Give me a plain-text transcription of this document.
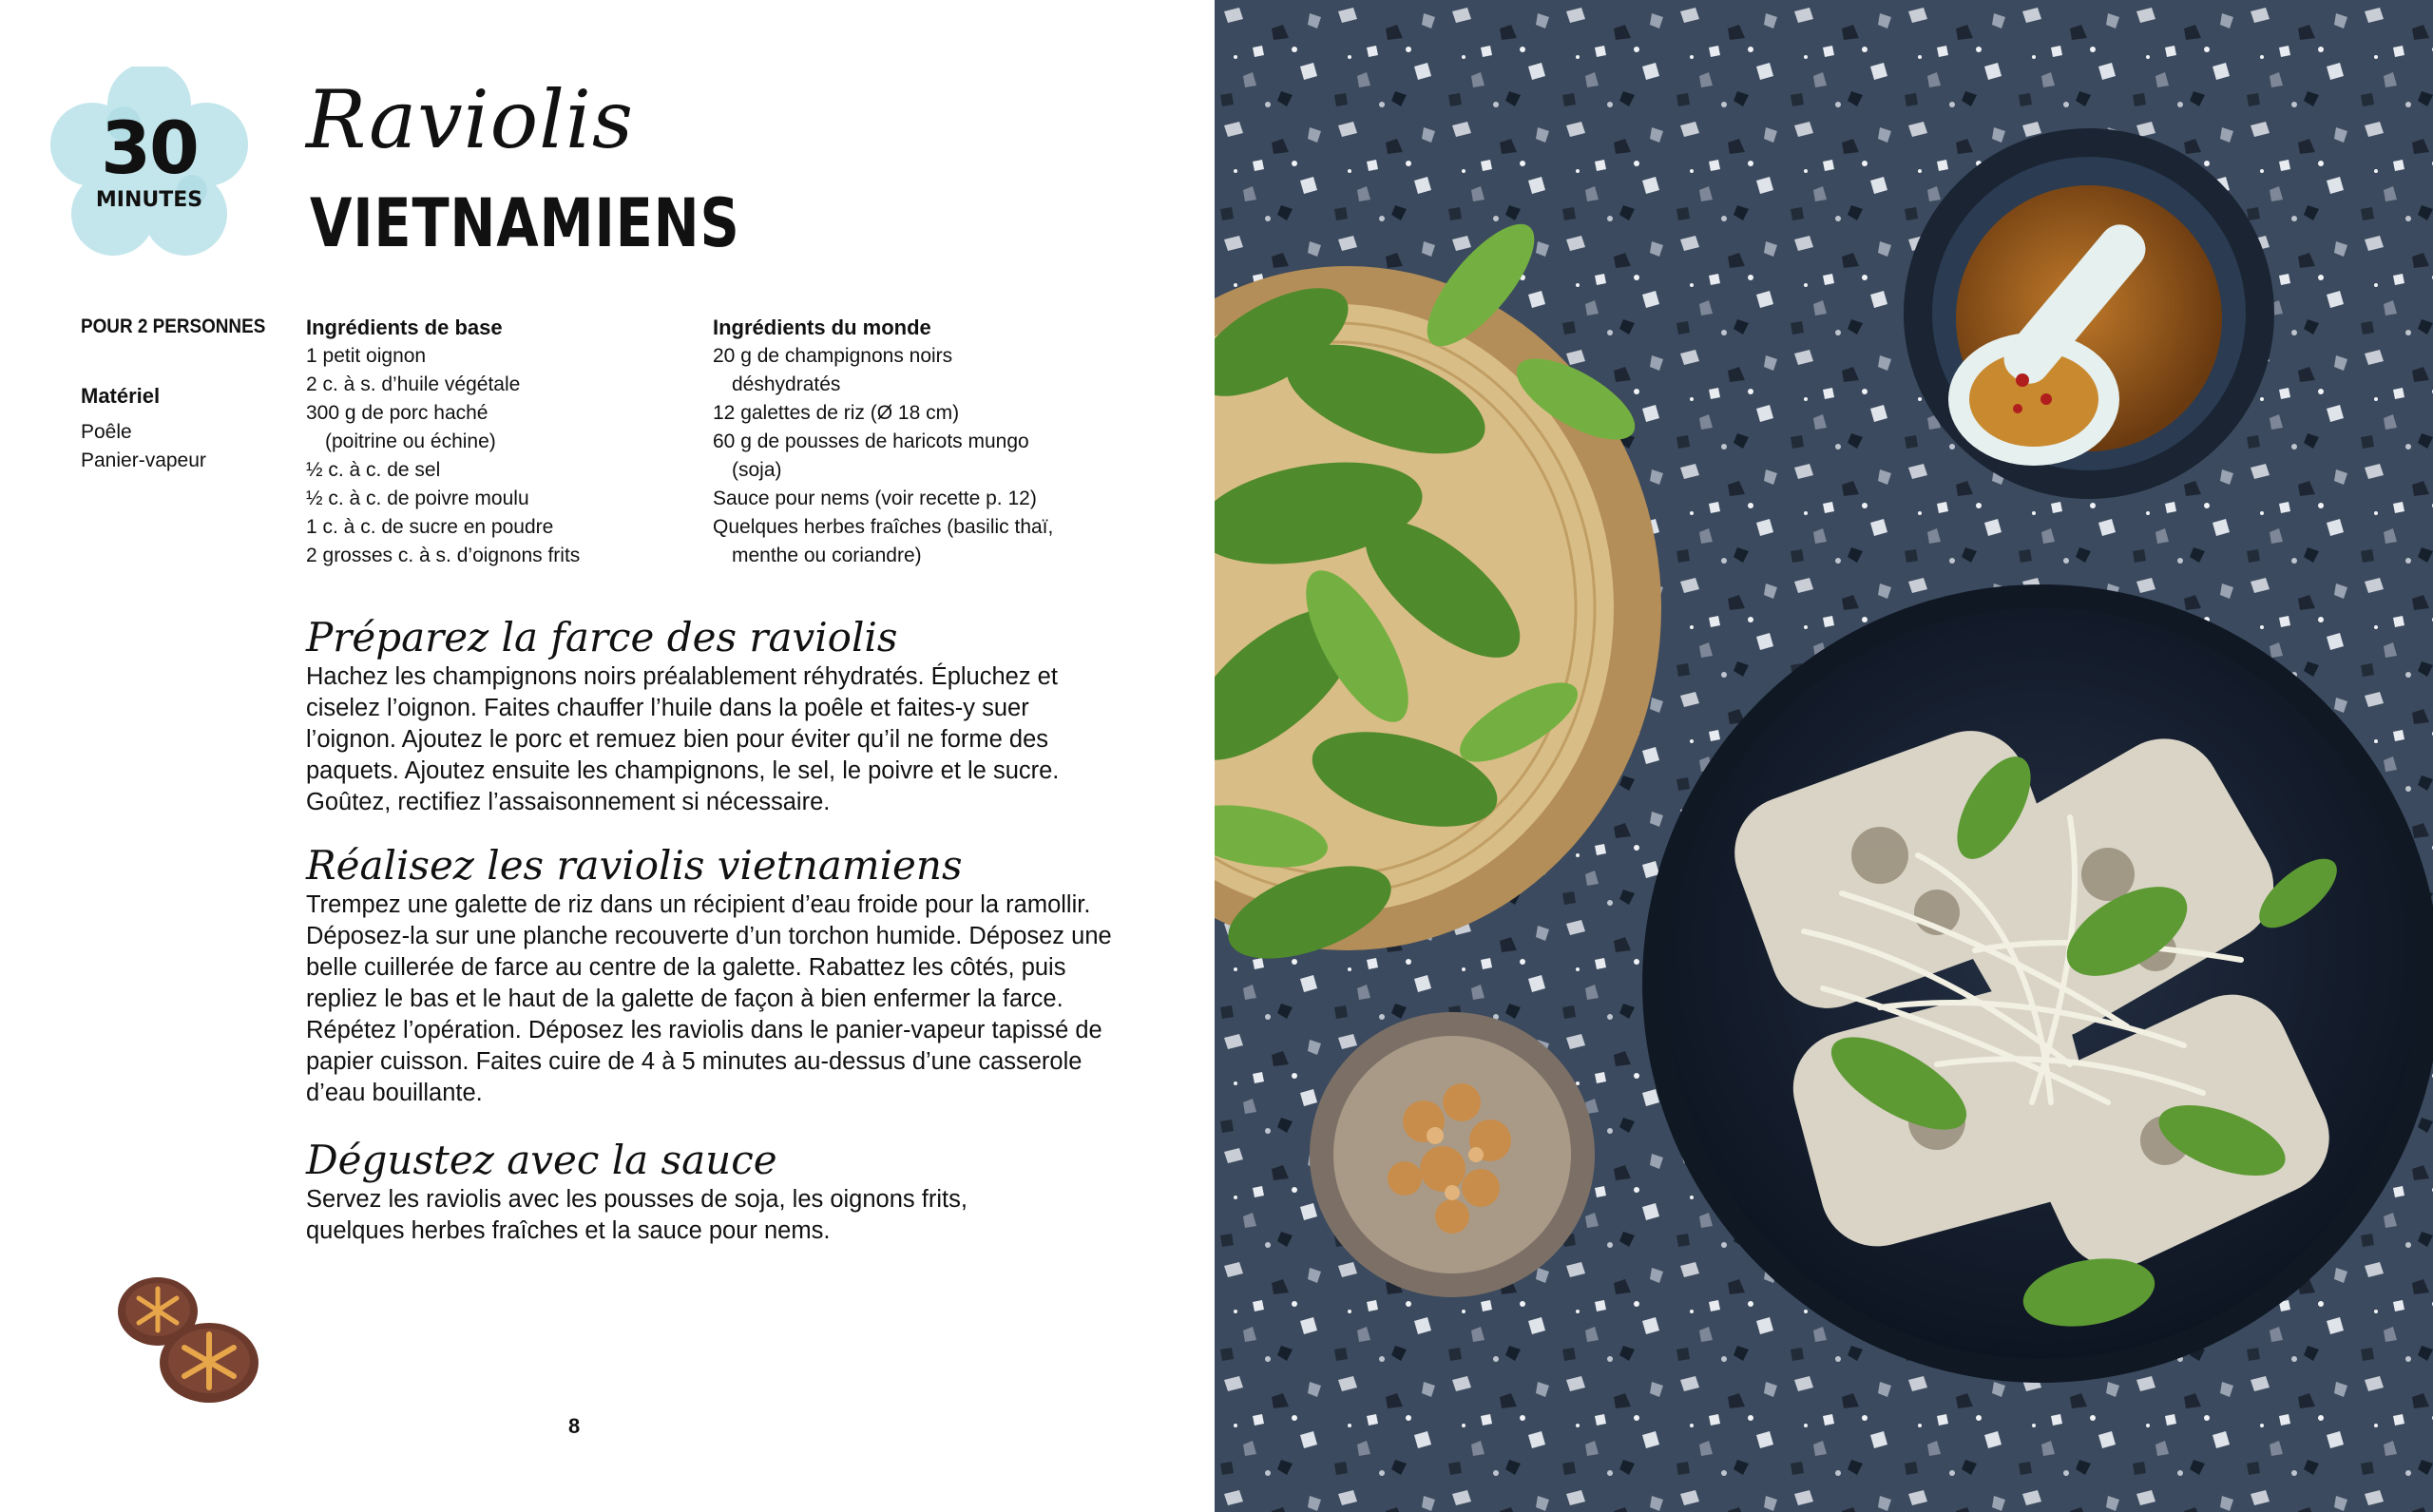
30
MINUTES
Raviolis
VIETNAMIENS
POUR 2 PERSONNES
Matériel
Poêle
Panier-vapeur
Ingrédients de base
1 petit oignon
2 c. à s. d’huile végétale
300 g de porc haché (poitrine ou échine)
½ c. à c. de sel
½ c. à c. de poivre moulu
1 c. à c. de sucre en poudre
2 grosses c. à s. d’oignons frits
Ingrédients du monde
20 g de champignons noirs déshydratés
12 galettes de riz (Ø 18 cm)
60 g de pousses de haricots mungo (soja)
Sauce pour nems (voir recette p. 12)
Quelques herbes fraîches (basilic thaï, menthe ou coriandre)
Préparez la farce des raviolis

Hachez les champignons noirs préalablement réhydratés. Épluchez et ciselez l’oignon. Faites chauffer l’huile dans la poêle et faites-y suer l’oignon. Ajoutez le porc et remuez bien pour éviter qu’il ne forme des paquets. Ajoutez ensuite les champignons, le sel, le poivre et le sucre. Goûtez, rectifiez l’assaisonnement si nécessaire.

Réalisez les raviolis vietnamiens

Trempez une galette de riz dans un récipient d’eau froide pour la ramollir. Déposez-la sur une planche recouverte d’un torchon humide. Déposez une belle cuillerée de farce au centre de la galette. Rabattez les côtés, puis repliez le bas et le haut de la galette de façon à bien enfermer la farce. Répétez l’opération. Déposez les raviolis dans le panier-vapeur tapissé de papier cuisson. Faites cuire de 4 à 5 minutes au-dessus d’une casserole d’eau bouillante.

Dégustez avec la sauce

Servez les raviolis avec les pousses de soja, les oignons frits, quelques herbes fraîches et la sauce pour nems.

8
